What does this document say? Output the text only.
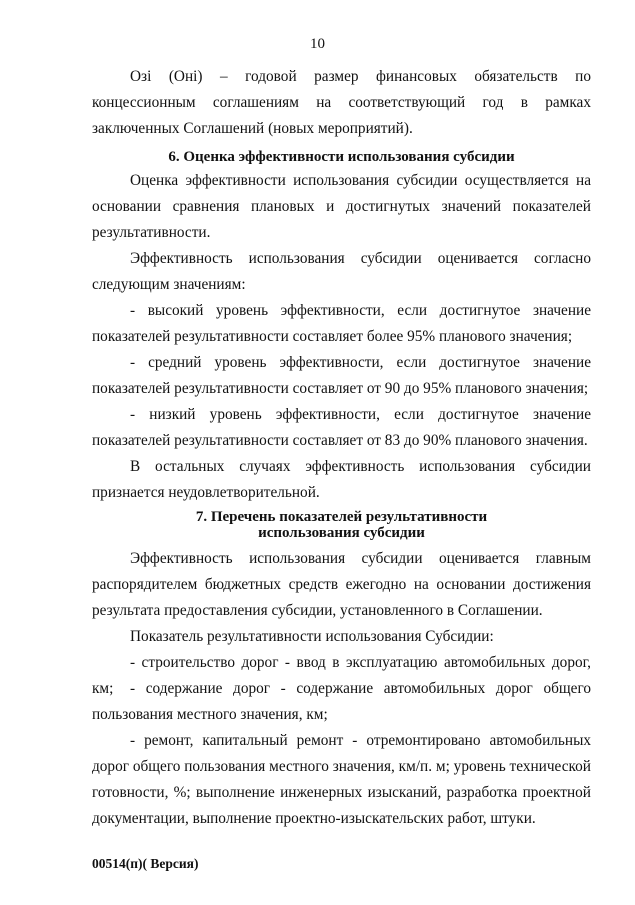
10

Озі (Оні) – годовой размер финансовых обязательств по концессионным соглашениям на соответствующий год в рамках заключенных Соглашений (новых мероприятий).

6. Оценка эффективности использования субсидии

Оценка эффективности использования субсидии осуществляется на основании сравнения плановых и достигнутых значений показателей результативности.

Эффективность использования субсидии оценивается согласно следующим значениям:

- высокий уровень эффективности, если достигнутое значение показателей результативности составляет более 95% планового значения;

- средний уровень эффективности, если достигнутое значение показателей результативности составляет от 90 до 95% планового значения;

- низкий уровень эффективности, если достигнутое значение показателей результативности составляет от 83 до 90% планового значения.

В остальных случаях эффективность использования субсидии признается неудовлетворительной.

7. Перечень показателей результативности
использования субсидии

Эффективность использования субсидии оценивается главным распорядителем бюджетных средств ежегодно на основании достижения результата предоставления субсидии, установленного в Соглашении.

Показатель результативности использования Субсидии:

- строительство дорог - ввод в эксплуатацию автомобильных дорог, км;	- содержание дорог - содержание автомобильных дорог общего пользования местного значения, км;

- ремонт, капитальный ремонт - отремонтировано автомобильных дорог общего пользования местного значения, км/п. м; уровень технической готовности, %; выполнение инженерных изысканий, разработка проектной документации, выполнение проектно-изыскательских работ, штуки.

00514(п)( Версия)
